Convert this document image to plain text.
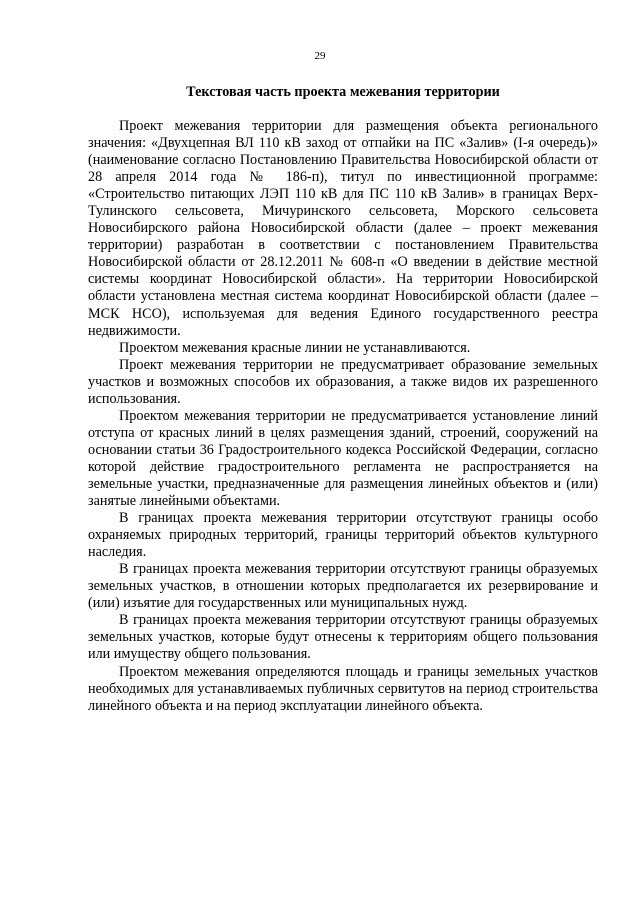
29
Текстовая часть проекта межевания территории

Проект межевания территории для размещения объекта регионального значения: «Двухцепная ВЛ 110 кВ заход от отпайки на ПС «Залив» (I-я очередь)» (наименование согласно Постановлению Правительства Новосибирской области от 28 апреля 2014 года № 186-п), титул по инвестиционной программе: «Строительство питающих ЛЭП 110 кВ для ПС 110 кВ Залив» в границах Верх-Тулинского сельсовета, Мичуринского сельсовета, Морского сельсовета Новосибирского района Новосибирской области (далее – проект межевания территории) разработан в соответствии с постановлением Правительства Новосибирской области от 28.12.2011 № 608-п «О введении в действие местной системы координат Новосибирской области». На территории Новосибирской области установлена местная система координат Новосибирской области (далее – МСК НСО), используемая для ведения Единого государственного реестра недвижимости.

Проектом межевания красные линии не устанавливаются.

Проект межевания территории не предусматривает образование земельных участков и возможных способов их образования, а также видов их разрешенного использования.

Проектом межевания территории не предусматривается установление линий отступа от красных линий в целях размещения зданий, строений, сооружений на основании статьи 36 Градостроительного кодекса Российской Федерации, согласно которой действие градостроительного регламента не распространяется на земельные участки, предназначенные для размещения линейных объектов и (или) занятые линейными объектами.

В границах проекта межевания территории отсутствуют границы особо охраняемых природных территорий, границы территорий объектов культурного наследия.

В границах проекта межевания территории отсутствуют границы образуемых земельных участков, в отношении которых предполагается их резервирование и (или) изъятие для государственных или муниципальных нужд.

В границах проекта межевания территории отсутствуют границы образуемых земельных участков, которые будут отнесены к территориям общего пользования или имуществу общего пользования.

Проектом межевания определяются площадь и границы земельных участков необходимых для устанавливаемых публичных сервитутов на период строительства линейного объекта и на период эксплуатации линейного объекта.
